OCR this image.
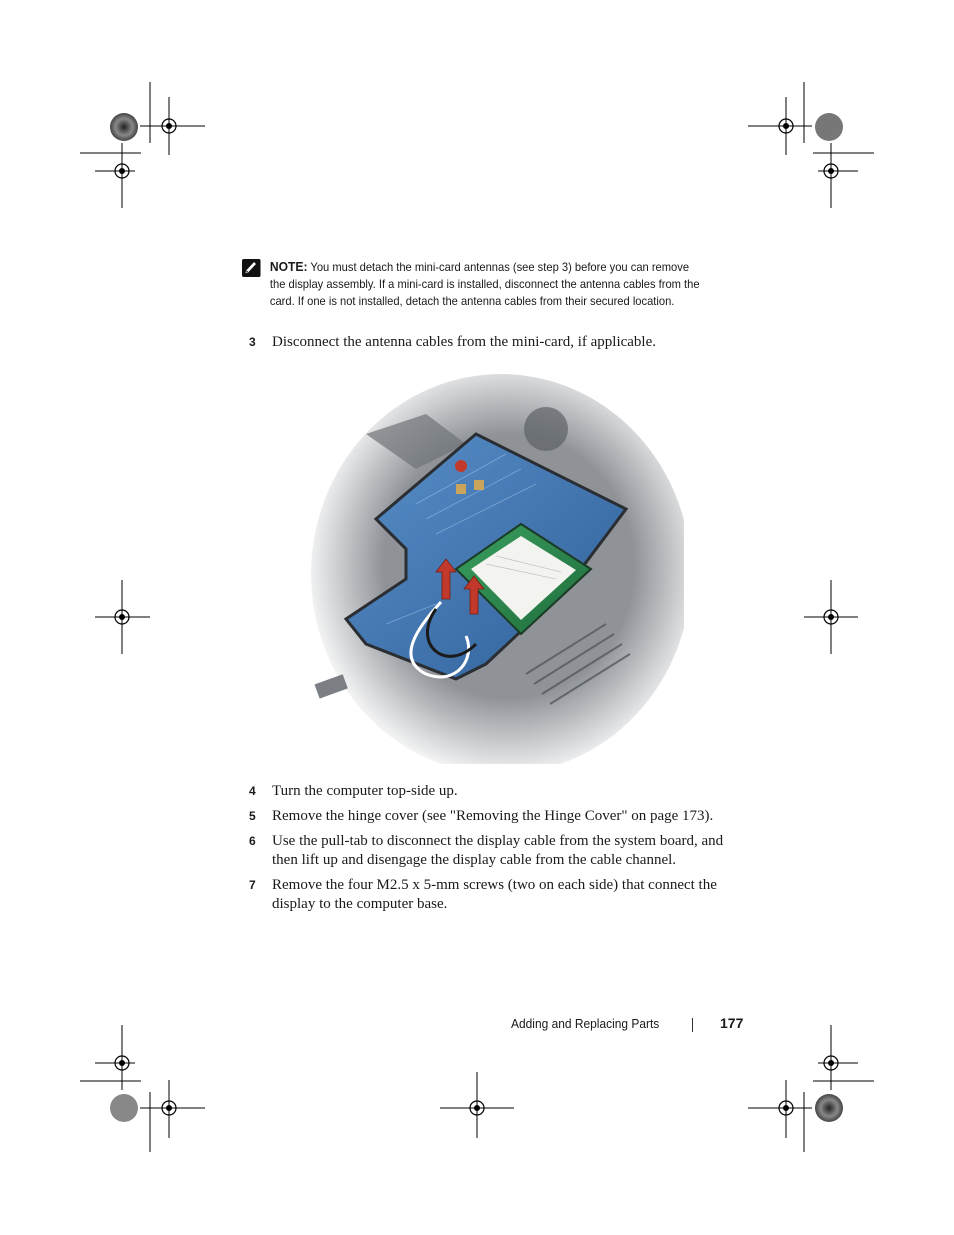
NOTE: You must detach the mini-card antennas (see step 3) before you can remove the display assembly. If a mini-card is installed, disconnect the antenna cables from the card. If one is not installed, detach the antenna cables from their secured location.
3 Disconnect the antenna cables from the mini-card, if applicable.
4 Turn the computer top-side up.
5 Remove the hinge cover (see "Removing the Hinge Cover" on page 173).
6 Use the pull-tab to disconnect the display cable from the system board, and then lift up and disengage the display cable from the cable channel.
7 Remove the four M2.5 x 5-mm screws (two on each side) that connect the display to the computer base.
Adding and Replacing Parts	177
